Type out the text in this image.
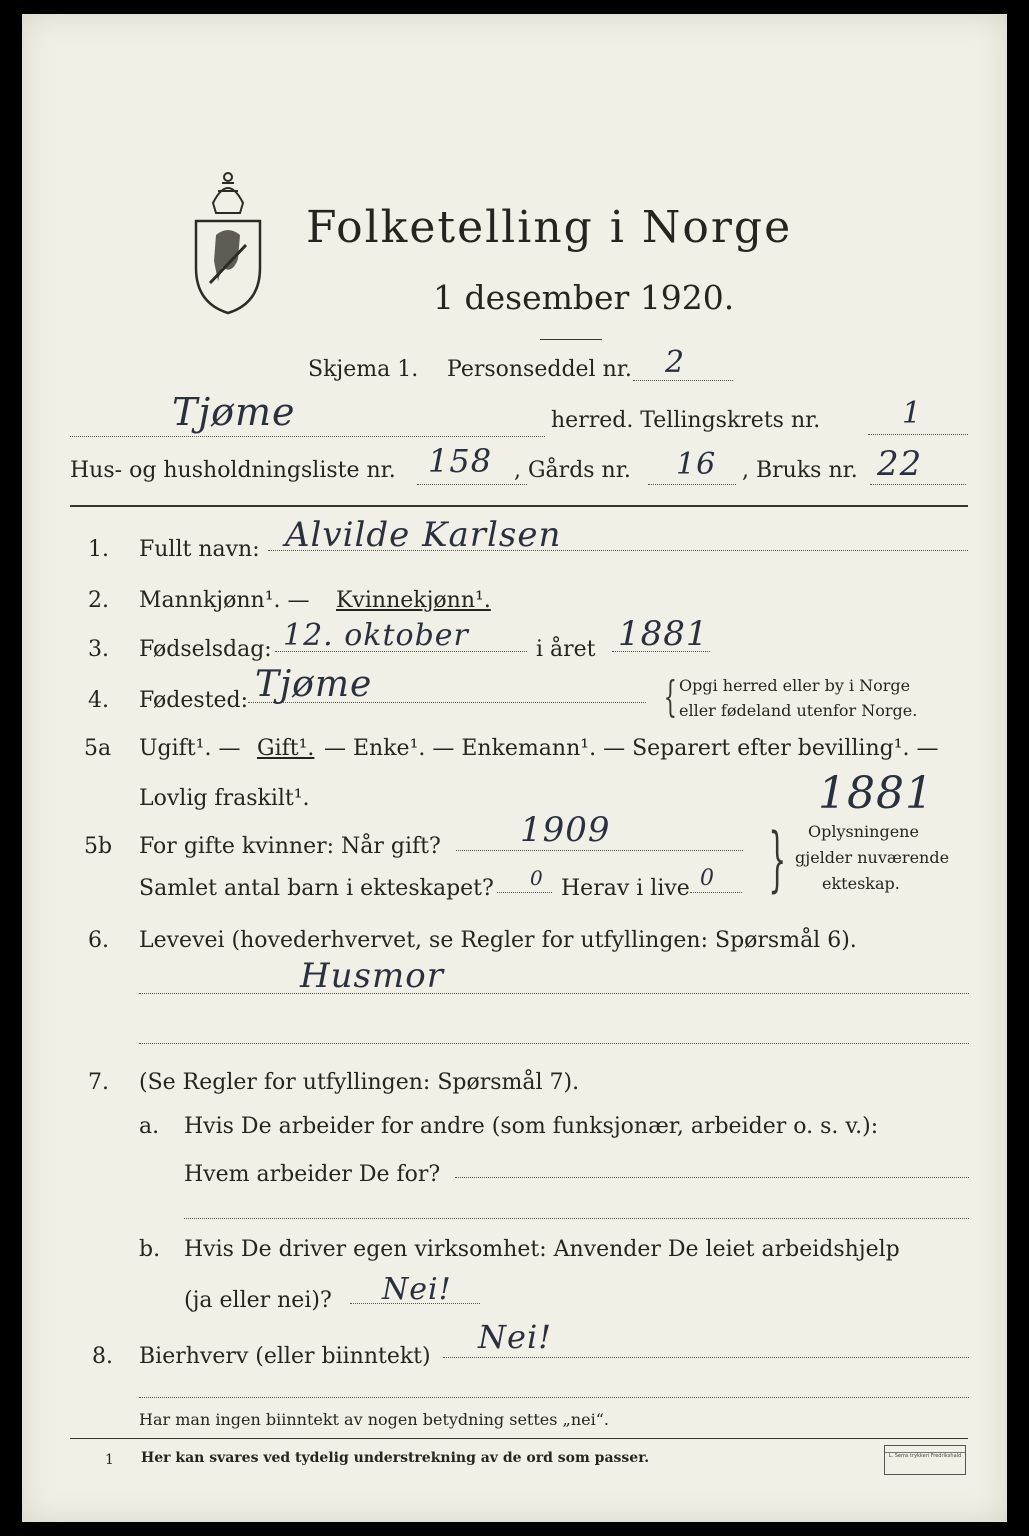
Folketelling i Norge
1 desember 1920.
Skjema 1. Personseddel nr. 2
Tjøme	herred. Tellingskrets nr.	1
Hus- og husholdningsliste nr. 158 , Gårds nr. 16 , Bruks nr. 22
1. Fullt navn: Alvilde Karlsen
2. Mannkjønn¹. — Kvinnekjønn¹.
3. Fødselsdag: 12. oktober	i året 1881
4. Fødested: Tjøme	{ Opgi herred eller by i Norge
eller fødeland utenfor Norge.
5a Ugift¹. — Gift¹. — Enke¹. — Enkemann¹. — Separert efter bevilling¹. —
Lovlig fraskilt¹.	1881
5b For gifte kvinner: Når gift? 1909
Samlet antal barn i ekteskapet? 0 Herav i live 0 } Oplysningene
gjelder nuværende
ekteskap.
6. Levevei (hovederhvervet, se Regler for utfyllingen: Spørsmål 6).
Husmor
7. (Se Regler for utfyllingen: Spørsmål 7).
a. Hvis De arbeider for andre (som funksjonær, arbeider o. s. v.):
Hvem arbeider De for?
b. Hvis De driver egen virksomhet: Anvender De leiet arbeidshjelp
(ja eller nei)? Nei!
8. Bierhverv (eller biinntekt)
Nei!
Har man ingen biinntekt av nogen betydning settes „nei“.
1 Her kan svares ved tydelig understrekning av de ord som passer.	L. Sems trykkeri Fredrikshald
